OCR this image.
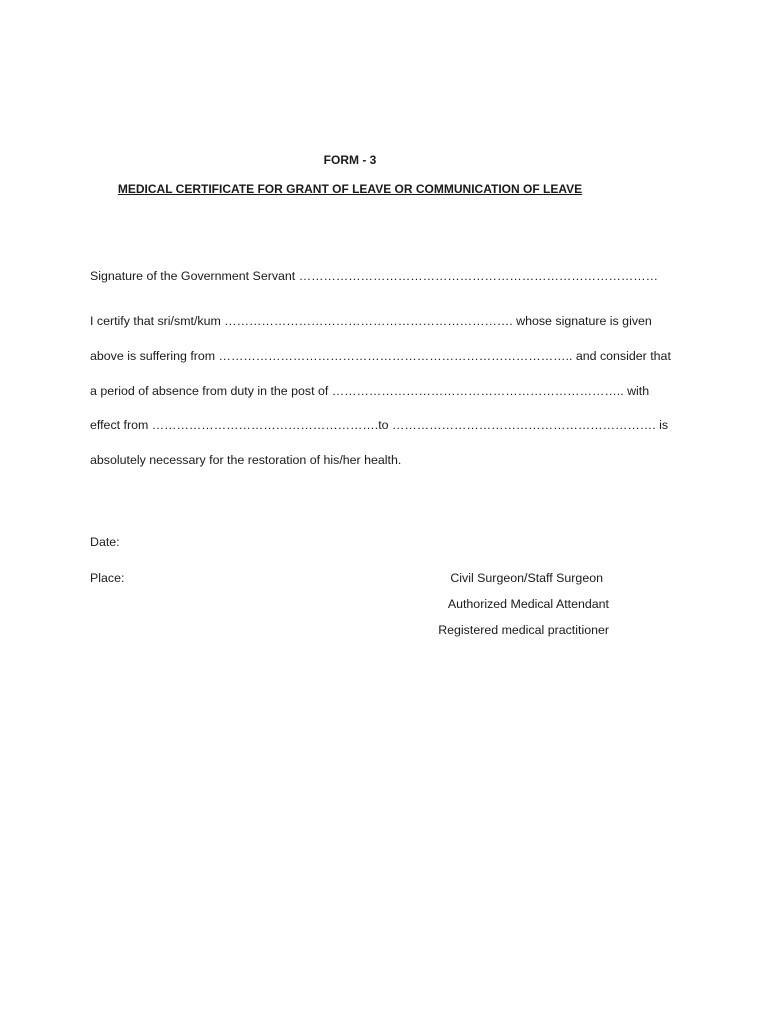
FORM - 3
MEDICAL CERTIFICATE FOR GRANT OF LEAVE OR COMMUNICATION OF LEAVE
Signature of the Government Servant ……………………………………………………………………………
I certify that sri/smt/kum ……………………………………………………………. whose signature is given
above is suffering from ………………………………………………………………………….. and consider that
a period of absence from duty in the post of …………………………………………………………….. with
effect from ……………………………………………….to ………………………………………………………. is
absolutely necessary for the restoration of his/her health.
Date:
Place:	Civil Surgeon/Staff Surgeon
Authorized Medical Attendant
Registered medical practitioner
